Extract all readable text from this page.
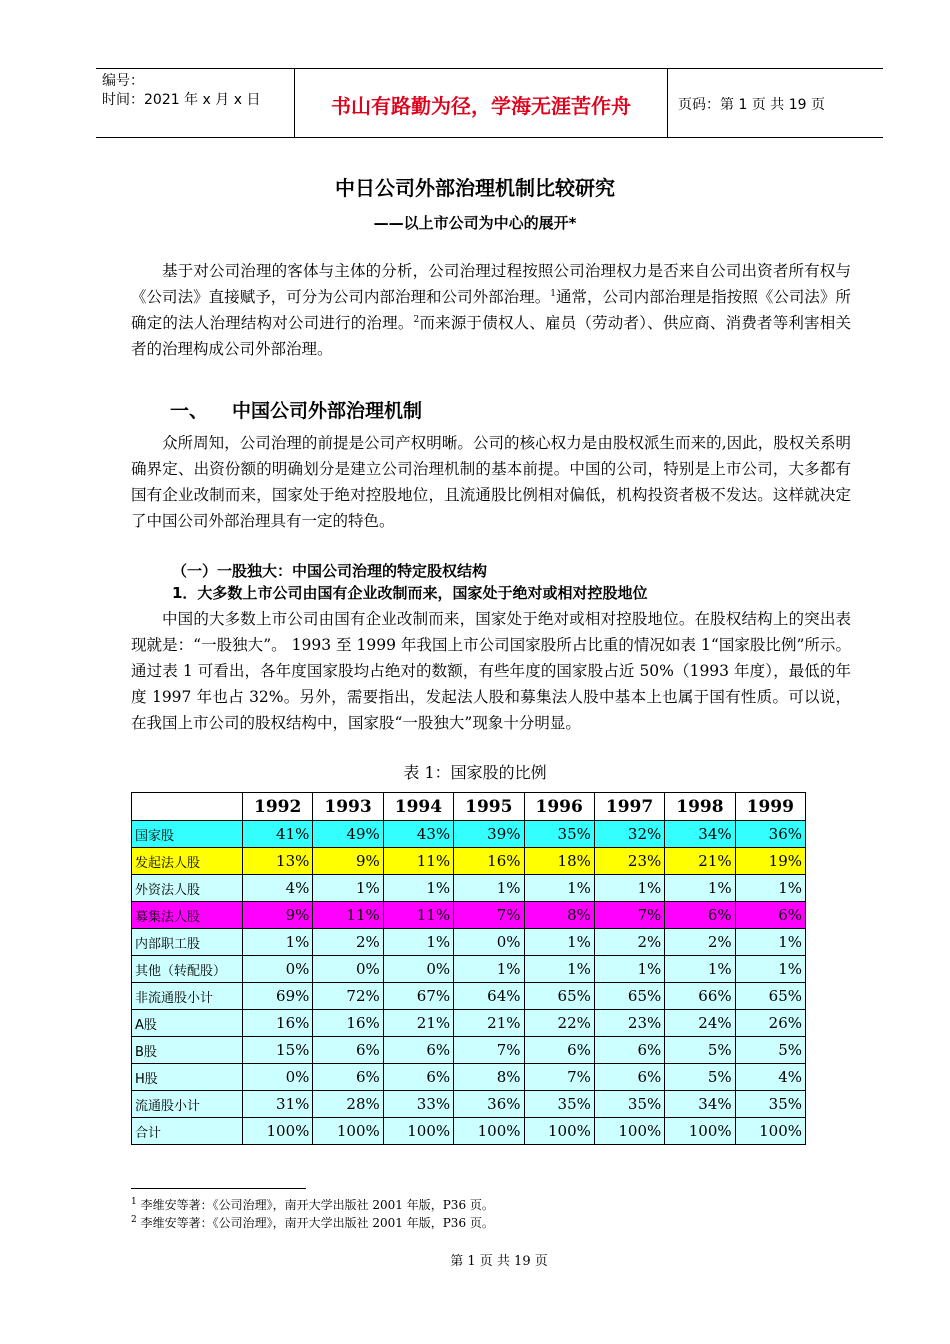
编号：
时间：2021 年 x 月 x 日	书山有路勤为径，学海无涯苦作舟	页码：第 1 页 共 19 页
中日公司外部治理机制比较研究
——以上市公司为中心的展开*

基于对公司治理的客体与主体的分析，公司治理过程按照公司治理权力是否来自公司出资者所有权与《公司法》直接赋予，可分为公司内部治理和公司外部治理。$^1$通常，公司内部治理是指按照《公司法》所确定的法人治理结构对公司进行的治理。$^2$而来源于债权人、雇员（劳动者）、供应商、消费者等利害相关者的治理构成公司外部治理。

一、 中国公司外部治理机制

众所周知，公司治理的前提是公司产权明晰。公司的核心权力是由股权派生而来的,因此，股权关系明确界定、出资份额的明确划分是建立公司治理机制的基本前提。中国的公司，特别是上市公司，大多都有国有企业改制而来，国家处于绝对控股地位，且流通股比例相对偏低，机构投资者极不发达。这样就决定了中国公司外部治理具有一定的特色。

（一）一股独大：中国公司治理的特定股权结构
1．大多数上市公司由国有企业改制而来，国家处于绝对或相对控股地位

中国的大多数上市公司由国有企业改制而来，国家处于绝对或相对控股地位。在股权结构上的突出表现就是：“一股独大”。 1993 至 1999 年我国上市公司国家股所占比重的情况如表 1“国家股比例”所示。通过表 1 可看出，各年度国家股均占绝对的数额，有些年度的国家股占近 50%（1993 年度），最低的年度 1997 年也占 32%。另外，需要指出，发起法人股和募集法人股中基本上也属于国有性质。可以说，在我国上市公司的股权结构中，国家股“一股独大”现象十分明显。

表 1：国家股的比例
	1992	1993	1994	1995	1996	1997	1998	1999
国家股	41%	49%	43%	39%	35%	32%	34%	36%
发起法人股	13%	9%	11%	16%	18%	23%	21%	19%
外资法人股	4%	1%	1%	1%	1%	1%	1%	1%
募集法人股	9%	11%	11%	7%	8%	7%	6%	6%
内部职工股	1%	2%	1%	0%	1%	2%	2%	1%
其他（转配股）	0%	0%	0%	1%	1%	1%	1%	1%
非流通股小计	69%	72%	67%	64%	65%	65%	66%	65%
A股	16%	16%	21%	21%	22%	23%	24%	26%
B股	15%	6%	6%	7%	6%	6%	5%	5%
H股	0%	6%	6%	8%	7%	6%	5%	4%
流通股小计	31%	28%	33%	36%	35%	35%	34%	35%
合计	100%	100%	100%	100%	100%	100%	100%	100%
$^1$ 李维安等著：《公司治理》，南开大学出版社 2001 年版，P36 页。
$^2$ 李维安等著：《公司治理》，南开大学出版社 2001 年版，P36 页。
第 1 页 共 19 页
